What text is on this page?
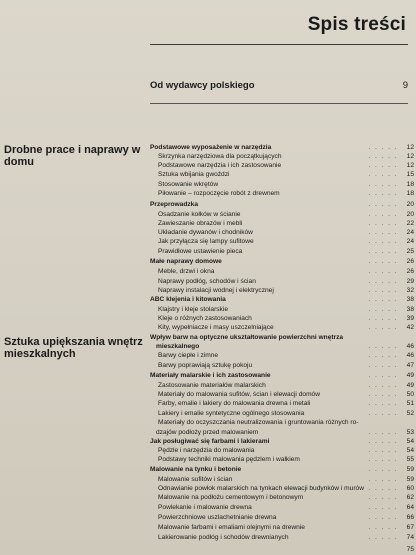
Spis treści
Od wydawcy polskiego	9
Drobne prace i naprawy w domu
Sztuka upiększania wnętrz mieszkalnych
Podstawowe wyposażenie w narzędzia	. . . . .	12
Skrzynka narzędziowa dla początkujących	. . . . .	12
Podstawowe narzędzia i ich zastosowanie	. . . . .	12
Sztuka wbijania gwoździ	. . . . .	15
Stosowanie wkrętów	. . . . .	18
Piłowanie – rozpoczęcie robót z drewnem	. . . . .	18
Przeprowadzka	. . . . .	20
Osadzanie kołków w ścianie	. . . . .	20
Zawieszanie obrazów i mebli	. . . . .	22
Układanie dywanów i chodników	. . . . .	24
Jak przyłącza się lampy sufitowe	. . . . .	24
Prawidłowe ustawienie pieca	. . . . .	25
Małe naprawy domowe	. . . . .	26
Meble, drzwi i okna	. . . . .	26
Naprawy podłóg, schodów i ścian	. . . . .	29
Naprawy instalacji wodnej i elektrycznej	. . . . .	32
ABC klejenia i kitowania	. . . . .	38
Klajstry i kleje stolarskie	. . . . .	38
Kleje o różnych zastosowaniach	. . . . .	39
Kity, wypełniacze i masy uszczelniające	. . . . .	42
Wpływ barw na optyczne ukształtowanie powierzchni wnętrza
mieszkalnego	. . . . .	46
Barwy ciepłe i zimne	. . . . .	46
Barwy poprawiają sztukę pokoju	. . . . .	47
Materiały malarskie i ich zastosowanie	. . . . .	49
Zastosowanie materiałów malarskich	. . . . .	49
Materiały do malowania sufitów, ścian i elewacji domów	. . . . .	50
Farby, emalie i lakiery do malowania drewna i metali	. . . . .	51
Lakiery i emalie syntetyczne ogólnego stosowania	. . . . .	52
Materiały do oczyszczania neutralizowania i gruntowania różnych ro-
dzajów podłoży przed malowaniem	. . . . .	53
Jak posługiwać się farbami i lakierami	. . . . .	54
Pędzle i narzędzia do malowania	. . . . .	54
Podstawy techniki malowania pędzlem i wałkiem	. . . . .	55
Malowanie na tynku i betonie	. . . . .	59
Malowanie sufitów i ścian	. . . . .	59
Odnawianie powłok malarskich na tynkach elewacji budynków i murów . . . . .	60
Malowanie na podłożu cementowym i betonowym	. . . . .	62
Powlekanie i malowanie drewna	. . . . .	64
Powierzchniowe uszlachetnianie drewna	. . . . .	66
Malowanie farbami i emaliami olejnymi na drewnie	. . . . .	67
Lakierowanie podłóg i schodów drewnianych	. . . . .	74
75
